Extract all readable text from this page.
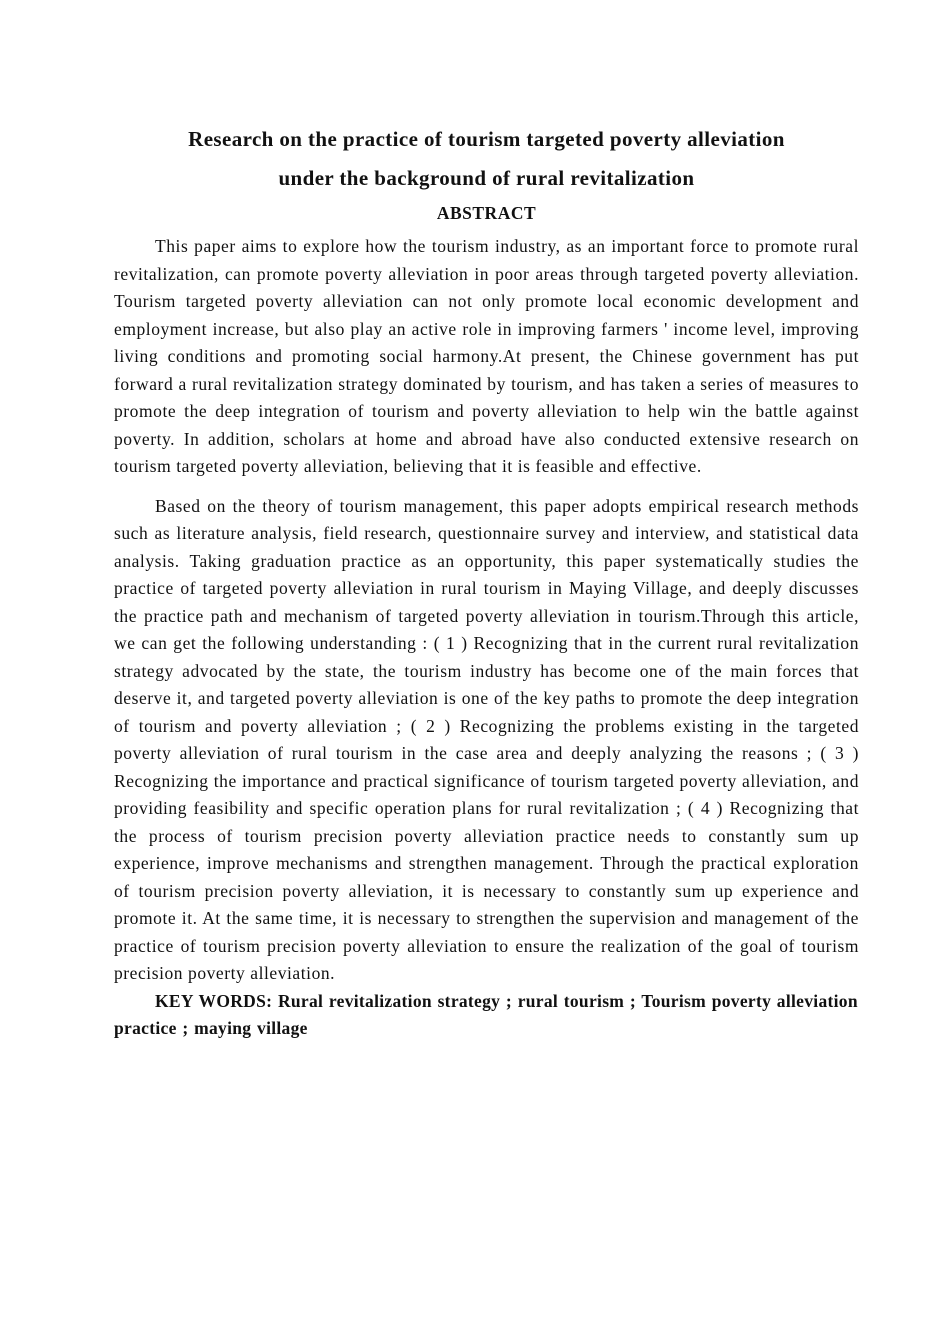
Research on the practice of tourism targeted poverty alleviation
under the background of rural revitalization
ABSTRACT

This paper aims to explore how the tourism industry, as an important force to promote rural revitalization, can promote poverty alleviation in poor areas through targeted poverty alleviation. Tourism targeted poverty alleviation can not only promote local economic development and employment increase, but also play an active role in improving farmers ' income level, improving living conditions and promoting social harmony.At present, the Chinese government has put forward a rural revitalization strategy dominated by tourism, and has taken a series of measures to promote the deep integration of tourism and poverty alleviation to help win the battle against poverty. In addition, scholars at home and abroad have also conducted extensive research on tourism targeted poverty alleviation, believing that it is feasible and effective.

Based on the theory of tourism management, this paper adopts empirical research methods such as literature analysis, field research, questionnaire survey and interview, and statistical data analysis. Taking graduation practice as an opportunity, this paper systematically studies the practice of targeted poverty alleviation in rural tourism in Maying Village, and deeply discusses the practice path and mechanism of targeted poverty alleviation in tourism.Through this article, we can get the following understanding : ( 1 ) Recognizing that in the current rural revitalization strategy advocated by the state, the tourism industry has become one of the main forces that deserve it, and targeted poverty alleviation is one of the key paths to promote the deep integration of tourism and poverty alleviation ; ( 2 ) Recognizing the problems existing in the targeted poverty alleviation of rural tourism in the case area and deeply analyzing the reasons ; ( 3 ) Recognizing the importance and practical significance of tourism targeted poverty alleviation, and providing feasibility and specific operation plans for rural revitalization ; ( 4 ) Recognizing that the process of tourism precision poverty alleviation practice needs to constantly sum up experience, improve mechanisms and strengthen management. Through the practical exploration of tourism precision poverty alleviation, it is necessary to constantly sum up experience and promote it. At the same time, it is necessary to strengthen the supervision and management of the practice of tourism precision poverty alleviation to ensure the realization of the goal of tourism precision poverty alleviation.

KEY WORDS: Rural revitalization strategy ; rural tourism ; Tourism poverty alleviation practice ; maying village
